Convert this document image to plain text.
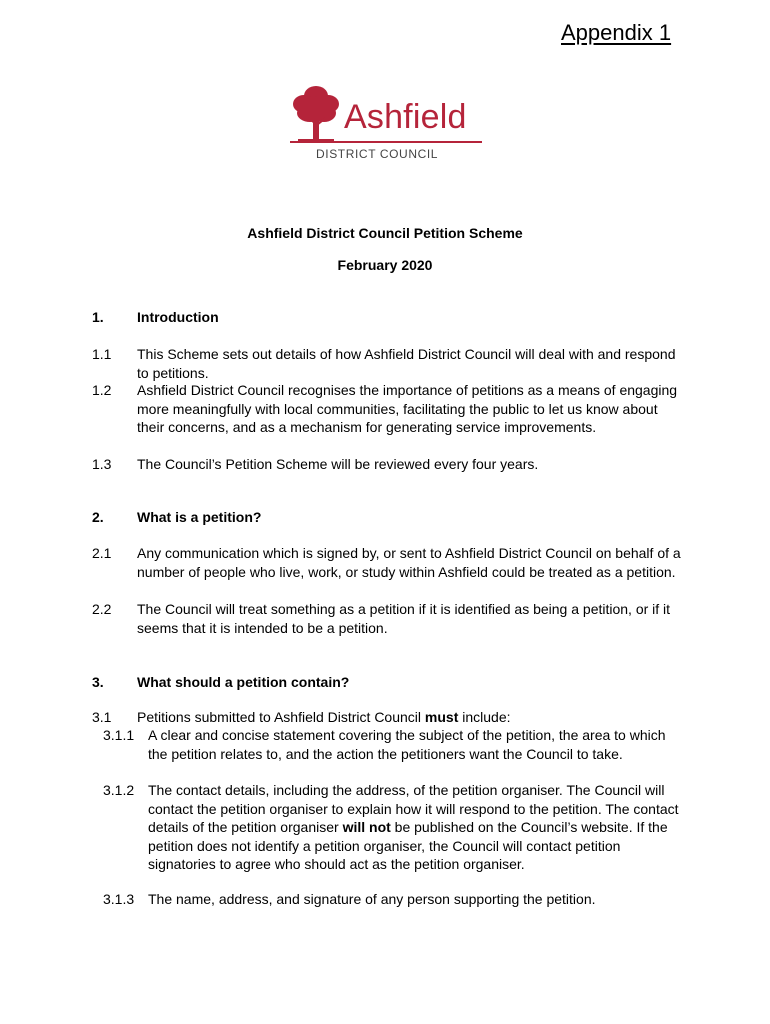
Appendix 1

Ashfield
DISTRICT COUNCIL

Ashfield District Council Petition Scheme

February 2020

1. Introduction
1.1 This Scheme sets out details of how Ashfield District Council will deal with and respond to petitions.
1.2 Ashfield District Council recognises the importance of petitions as a means of engaging more meaningfully with local communities, facilitating the public to let us know about their concerns, and as a mechanism for generating service improvements.
1.3 The Council’s Petition Scheme will be reviewed every four years.
2. What is a petition?
2.1 Any communication which is signed by, or sent to Ashfield District Council on behalf of a number of people who live, work, or study within Ashfield could be treated as a petition.
2.2 The Council will treat something as a petition if it is identified as being a petition, or if it seems that it is intended to be a petition.
3. What should a petition contain?
3.1 Petitions submitted to Ashfield District Council must include:
3.1.1 A clear and concise statement covering the subject of the petition, the area to which the petition relates to, and the action the petitioners want the Council to take.
3.1.2 The contact details, including the address, of the petition organiser. The Council will contact the petition organiser to explain how it will respond to the petition. The contact details of the petition organiser will not be published on the Council’s website. If the petition does not identify a petition organiser, the Council will contact petition signatories to agree who should act as the petition organiser.
3.1.3 The name, address, and signature of any person supporting the petition.
